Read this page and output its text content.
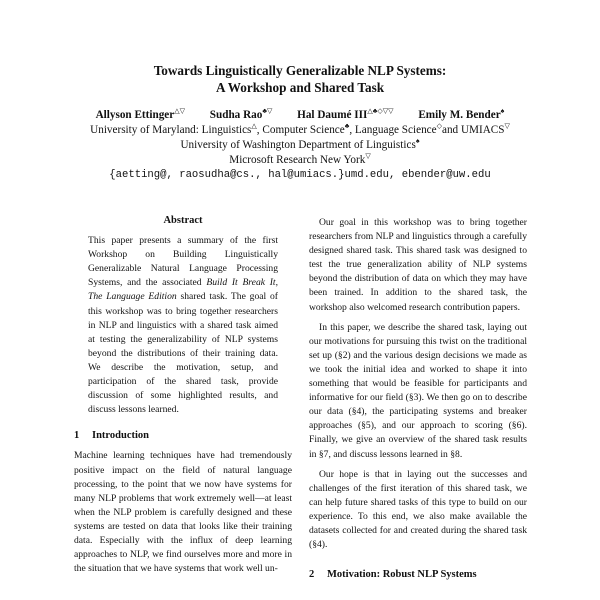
Towards Linguistically Generalizable NLP Systems:
A Workshop and Shared Task
Allyson Ettinger△▽ Sudha Rao♣▽ Hal Daumé III△♣◇▽▽ Emily M. Bender♠
University of Maryland: Linguistics△, Computer Science♣, Language Science◇and UMIACS▽
University of Washington Department of Linguistics♠
Microsoft Research New York▽
{aetting@, raosudha@cs., hal@umiacs.}umd.edu, ebender@uw.edu
Abstract
This paper presents a summary of the first Workshop on Building Linguistically Generalizable Natural Language Processing Systems, and the associated Build It Break It, The Language Edition shared task. The goal of this workshop was to bring together researchers in NLP and linguistics with a shared task aimed at testing the generalizability of NLP systems beyond the distributions of their training data. We describe the motivation, setup, and participation of the shared task, provide discussion of some highlighted results, and discuss lessons learned.
1 Introduction

Machine learning techniques have had tremendously positive impact on the field of natural language processing, to the point that we now have systems for many NLP problems that work extremely well—at least when the NLP problem is carefully designed and these systems are tested on data that looks like their training data. Especially with the influx of deep learning approaches to NLP, we find ourselves more and more in the situation that we have systems that work well un-

Our goal in this workshop was to bring together researchers from NLP and linguistics through a carefully designed shared task. This shared task was designed to test the true generalization ability of NLP systems beyond the distribution of data on which they may have been trained. In addition to the shared task, the workshop also welcomed research contribution papers.

In this paper, we describe the shared task, laying out our motivations for pursuing this twist on the traditional set up (§2) and the various design decisions we made as we took the initial idea and worked to shape it into something that would be feasible for participants and informative for our field (§3). We then go on to describe our data (§4), the participating systems and breaker approaches (§5), and our approach to scoring (§6). Finally, we give an overview of the shared task results in §7, and discuss lessons learned in §8.

Our hope is that in laying out the successes and challenges of the first iteration of this shared task, we can help future shared tasks of this type to build on our experience. To this end, we also make available the datasets collected for and created during the shared task (§4).

2 Motivation: Robust NLP Systems
